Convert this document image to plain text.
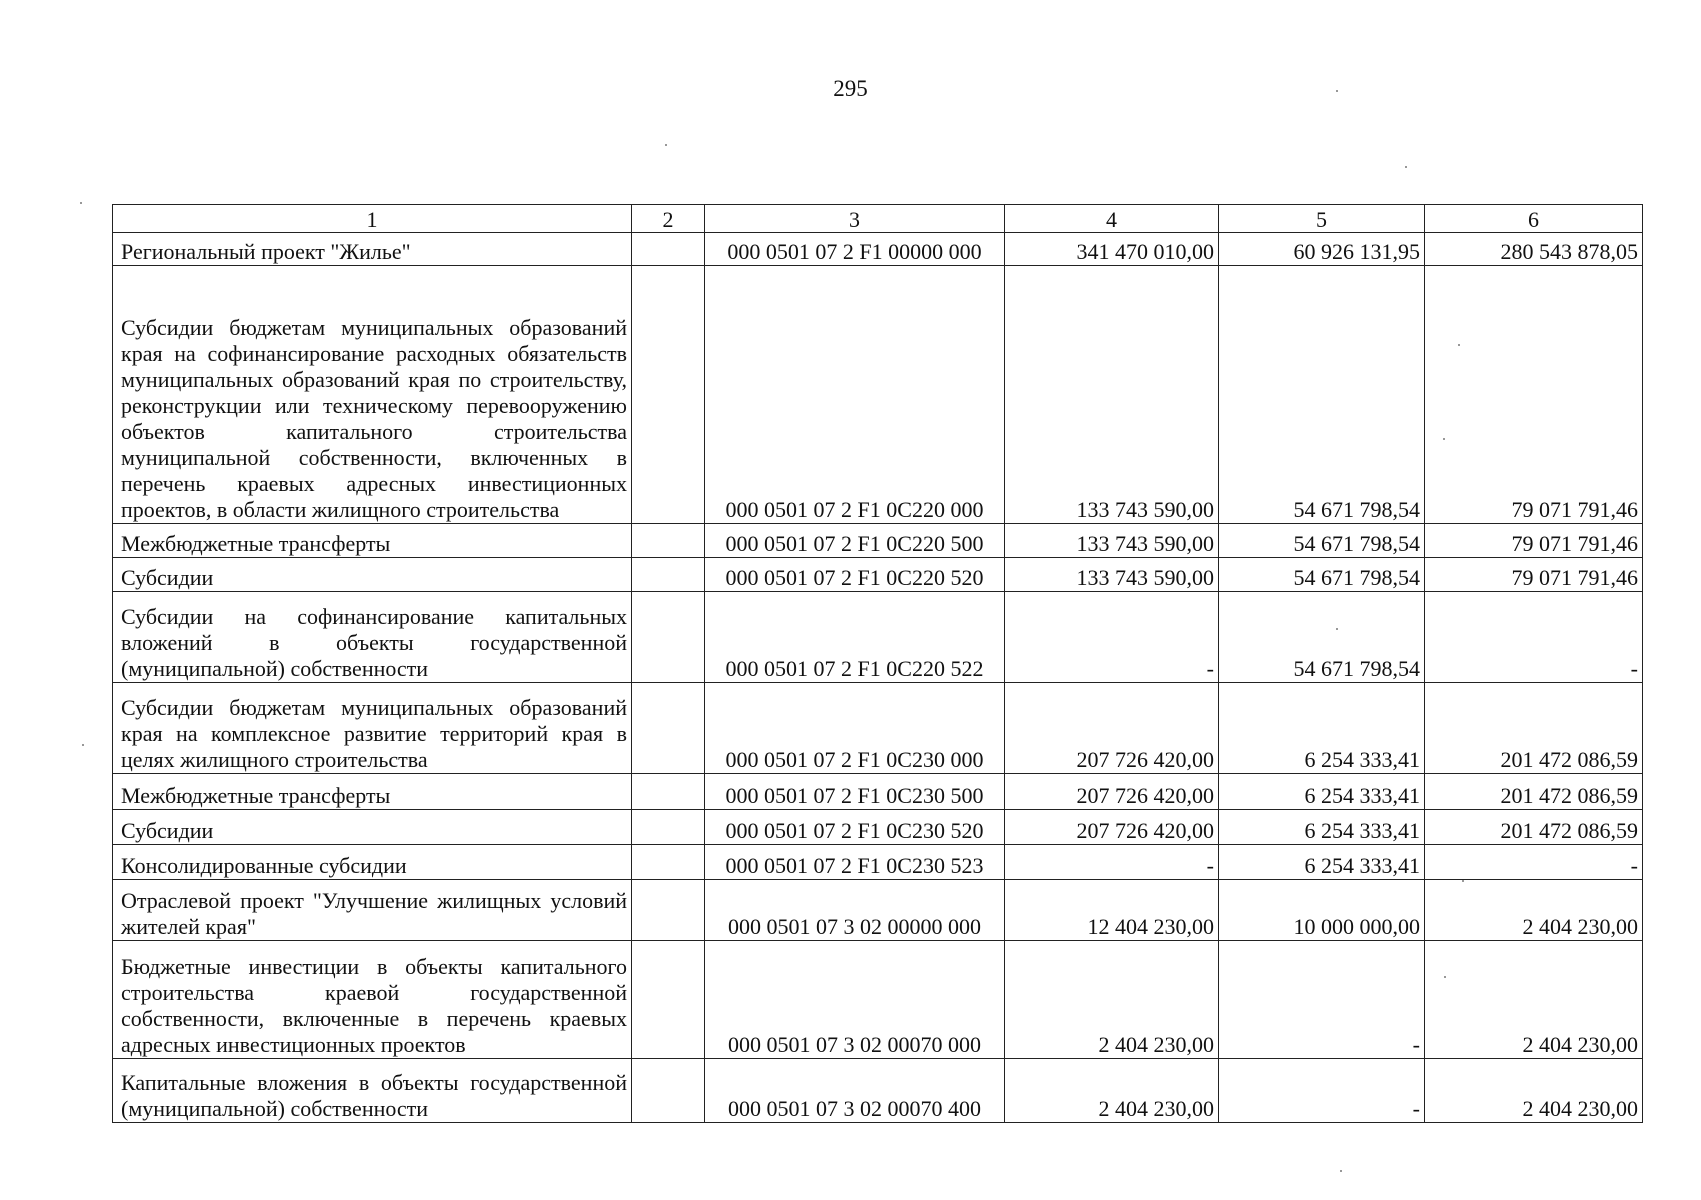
295
1	2	3	4	5	6
Региональный проект "Жилье"		000 0501 07 2 F1 00000 000	341 470 010,00	60 926 131,95	280 543 878,05
Субсидии бюджетам муниципальных образований края на софинансирование расходных обязательств муниципальных образований края по строительству, реконструкции или техническому перевооружению объектов капитального строительства муниципальной собственности, включенных в перечень краевых адресных инвестиционных проектов, в области жилищного строительства		000 0501 07 2 F1 0C220 000	133 743 590,00	54 671 798,54	79 071 791,46
Межбюджетные трансферты		000 0501 07 2 F1 0C220 500	133 743 590,00	54 671 798,54	79 071 791,46
Субсидии		000 0501 07 2 F1 0C220 520	133 743 590,00	54 671 798,54	79 071 791,46
Субсидии на софинансирование капитальных вложений в объекты государственной (муниципальной) собственности		000 0501 07 2 F1 0C220 522	-	54 671 798,54	-
Субсидии бюджетам муниципальных образований края на комплексное развитие территорий края в целях жилищного строительства		000 0501 07 2 F1 0C230 000	207 726 420,00	6 254 333,41	201 472 086,59
Межбюджетные трансферты		000 0501 07 2 F1 0C230 500	207 726 420,00	6 254 333,41	201 472 086,59
Субсидии		000 0501 07 2 F1 0C230 520	207 726 420,00	6 254 333,41	201 472 086,59
Консолидированные субсидии		000 0501 07 2 F1 0C230 523	-	6 254 333,41	-
Отраслевой проект "Улучшение жилищных условий жителей края"		000 0501 07 3 02 00000 000	12 404 230,00	10 000 000,00	2 404 230,00
Бюджетные инвестиции в объекты капитального строительства краевой государственной собственности, включенные в перечень краевых адресных инвестиционных проектов		000 0501 07 3 02 00070 000	2 404 230,00	-	2 404 230,00
Капитальные вложения в объекты государственной (муниципальной) собственности		000 0501 07 3 02 00070 400	2 404 230,00	-	2 404 230,00
